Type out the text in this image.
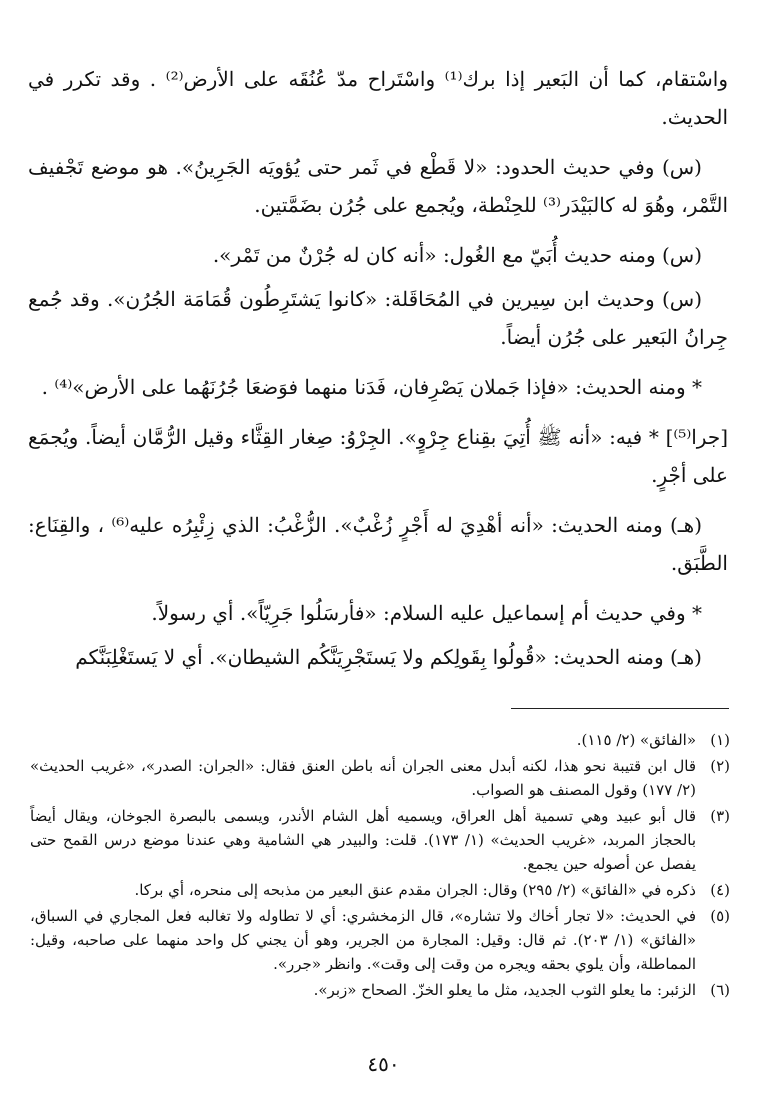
واسْتقام، كما أن البَعير إذا برك⁽¹⁾ واسْتَراح مدّ عُنُقَه على الأرض⁽²⁾ . وقد تكرر في الحديث.

(س) وفي حديث الحدود: «لا قَطْع في ثَمر حتى يُؤويَه الجَرِينُ». هو موضع تَجْفيف التَّمْر، وهُوَ له كالبَيْدَر⁽³⁾ للحِنْطة، ويُجمع على جُرُن بضَمَّتين.

(س) ومنه حديث أُبَيّ مع الغُول: «أنه كان له جُرْنٌ من تَمْر».

(س) وحديث ابن سِيرين في المُحَاقَلة: «كانوا يَشتَرِطُون قُمَامَة الجُرُن». وقد جُمع جِرانُ البَعير على جُرُن أيضاً.

* ومنه الحديث: «فإذا جَملان يَصْرِفان، فَدَنا منهما فوَضعَا جُرُنَهُما على الأرض»⁽⁴⁾ .

[جرا⁽⁵⁾] * فيه: «أنه ﷺ أُتِيَ بقِناع جِرْوٍ». الجِرْوُ: صِغار القِثَّاء وقيل الرُّمَّان أيضاً. ويُجمَع على أجْرٍ.

(هـ) ومنه الحديث: «أنه أهْدِيَ له أَجْرٍ زُغْبٌ». الزُّغْبُ: الذي زِئْبِرُه عليه⁽⁶⁾ ، والقِنَاع: الطَّبَق.

* وفي حديث أم إسماعيل عليه السلام: «فأرسَلُوا جَرِيّاً». أي رسولاً.

(هـ) ومنه الحديث: «قُولُوا بِقَولِكم ولا يَستَجْرِيَنَّكُم الشيطان». أي لا يَستَغْلِبَنَّكم

(١)
«الفائق» (٢/ ١١٥).
(٢)
قال ابن قتيبة نحو هذا، لكنه أبدل معنى الجران أنه باطن العنق فقال: «الجران: الصدر»، «غريب الحديث» (٢/ ١٧٧) وقول المصنف هو الصواب.
(٣)
قال أبو عبيد وهي تسمية أهل العراق، ويسميه أهل الشام الأندر، ويسمى بالبصرة الجوخان، ويقال أيضاً بالحجاز المربد، «غريب الحديث» (١/ ١٧٣). قلت: والبيدر هي الشامية وهي عندنا موضع درس القمح حتى يفصل عن أصوله حين يجمع.
(٤)
ذكره في «الفائق» (٢/ ٢٩٥) وقال: الجران مقدم عنق البعير من مذبحه إلى منحره، أي بركا.
(٥)
في الحديث: «لا تجار أخاك ولا تشاره»، قال الزمخشري: أي لا تطاوله ولا تغالبه فعل المجاري في السباق، «الفائق» (١/ ٢٠٣). ثم قال: وقيل: المجارة من الجرير، وهو أن يجني كل واحد منهما على صاحبه، وقيل: المماطلة، وأن يلوي بحقه ويجره من وقت إلى وقت». وانظر «جرر».
(٦)
الزئبر: ما يعلو الثوب الجديد، مثل ما يعلو الخزّ. الصحاح «زبر».
٤٥٠
